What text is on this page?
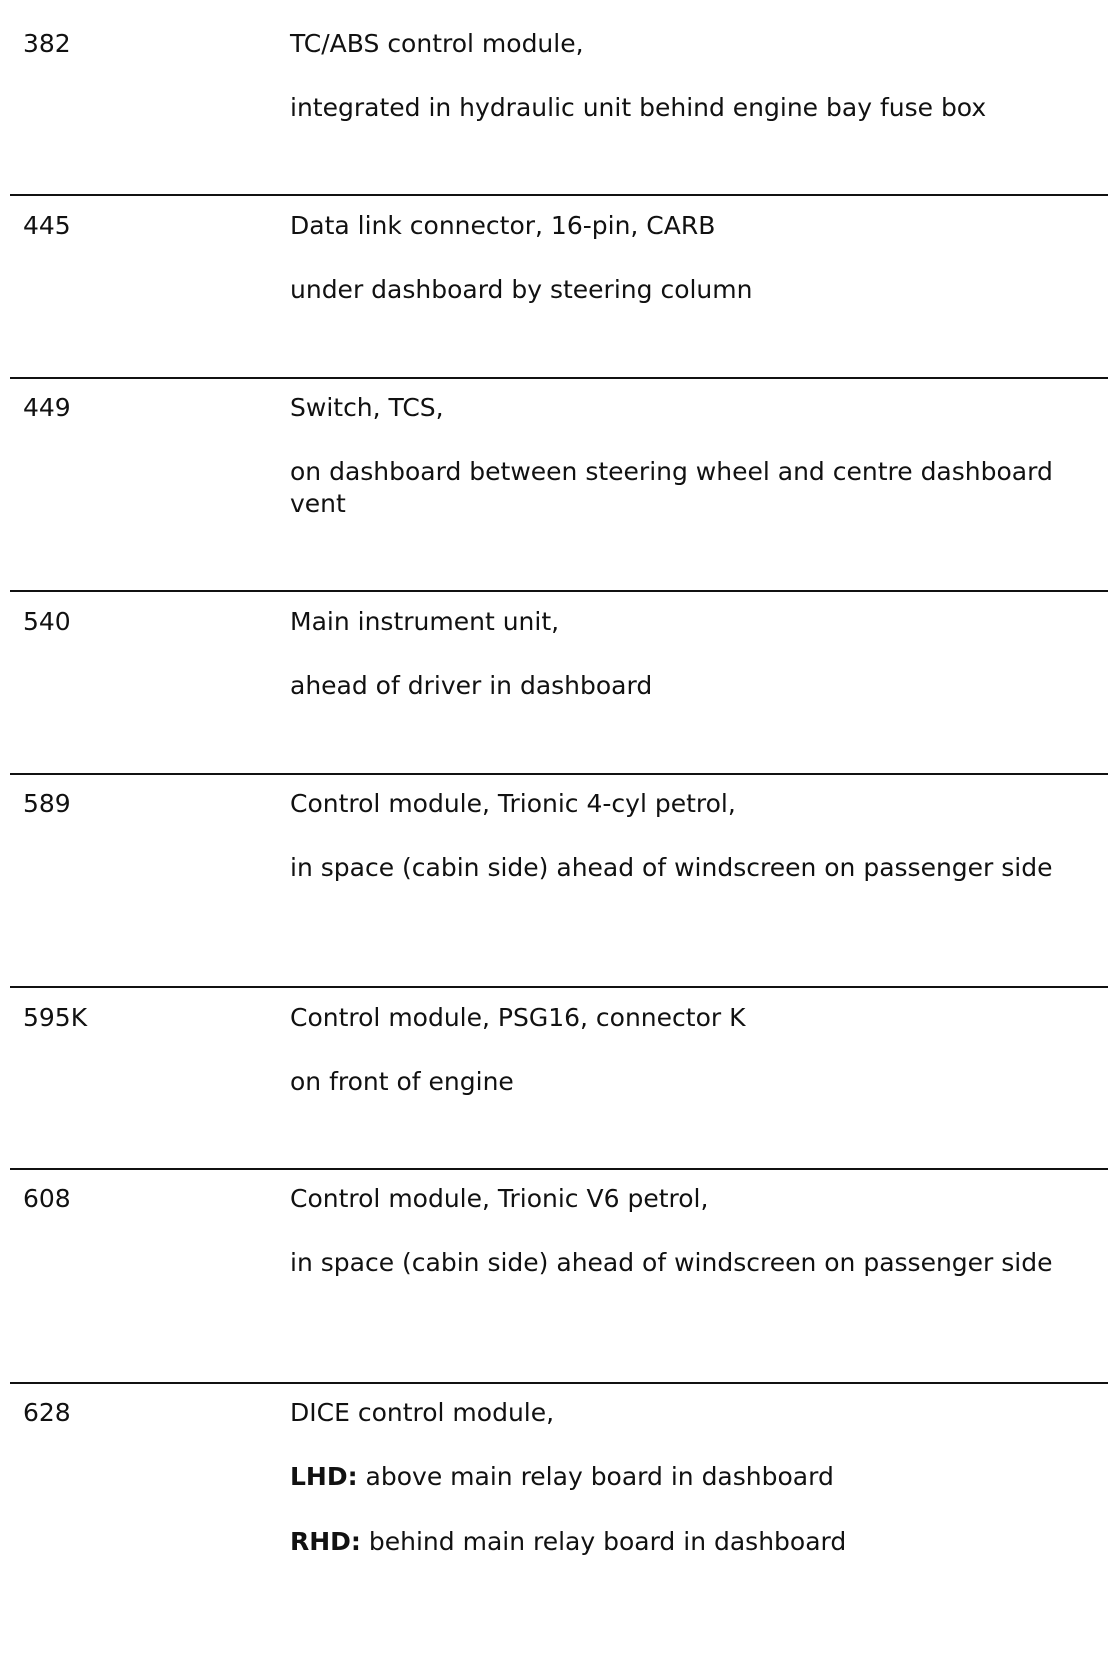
382	TC/ABS control module,
integrated in hydraulic unit behind engine bay fuse box
445	Data link connector, 16-pin, CARB
under dashboard by steering column
449	Switch, TCS,
on dashboard between steering wheel and centre dashboard vent
540	Main instrument unit,
ahead of driver in dashboard
589	Control module, Trionic 4-cyl petrol,
in space (cabin side) ahead of windscreen on passenger side
595K	Control module, PSG16, connector K
on front of engine
608	Control module, Trionic V6 petrol,
in space (cabin side) ahead of windscreen on passenger side
628	DICE control module,
LHD: above main relay board in dashboard
RHD: behind main relay board in dashboard
